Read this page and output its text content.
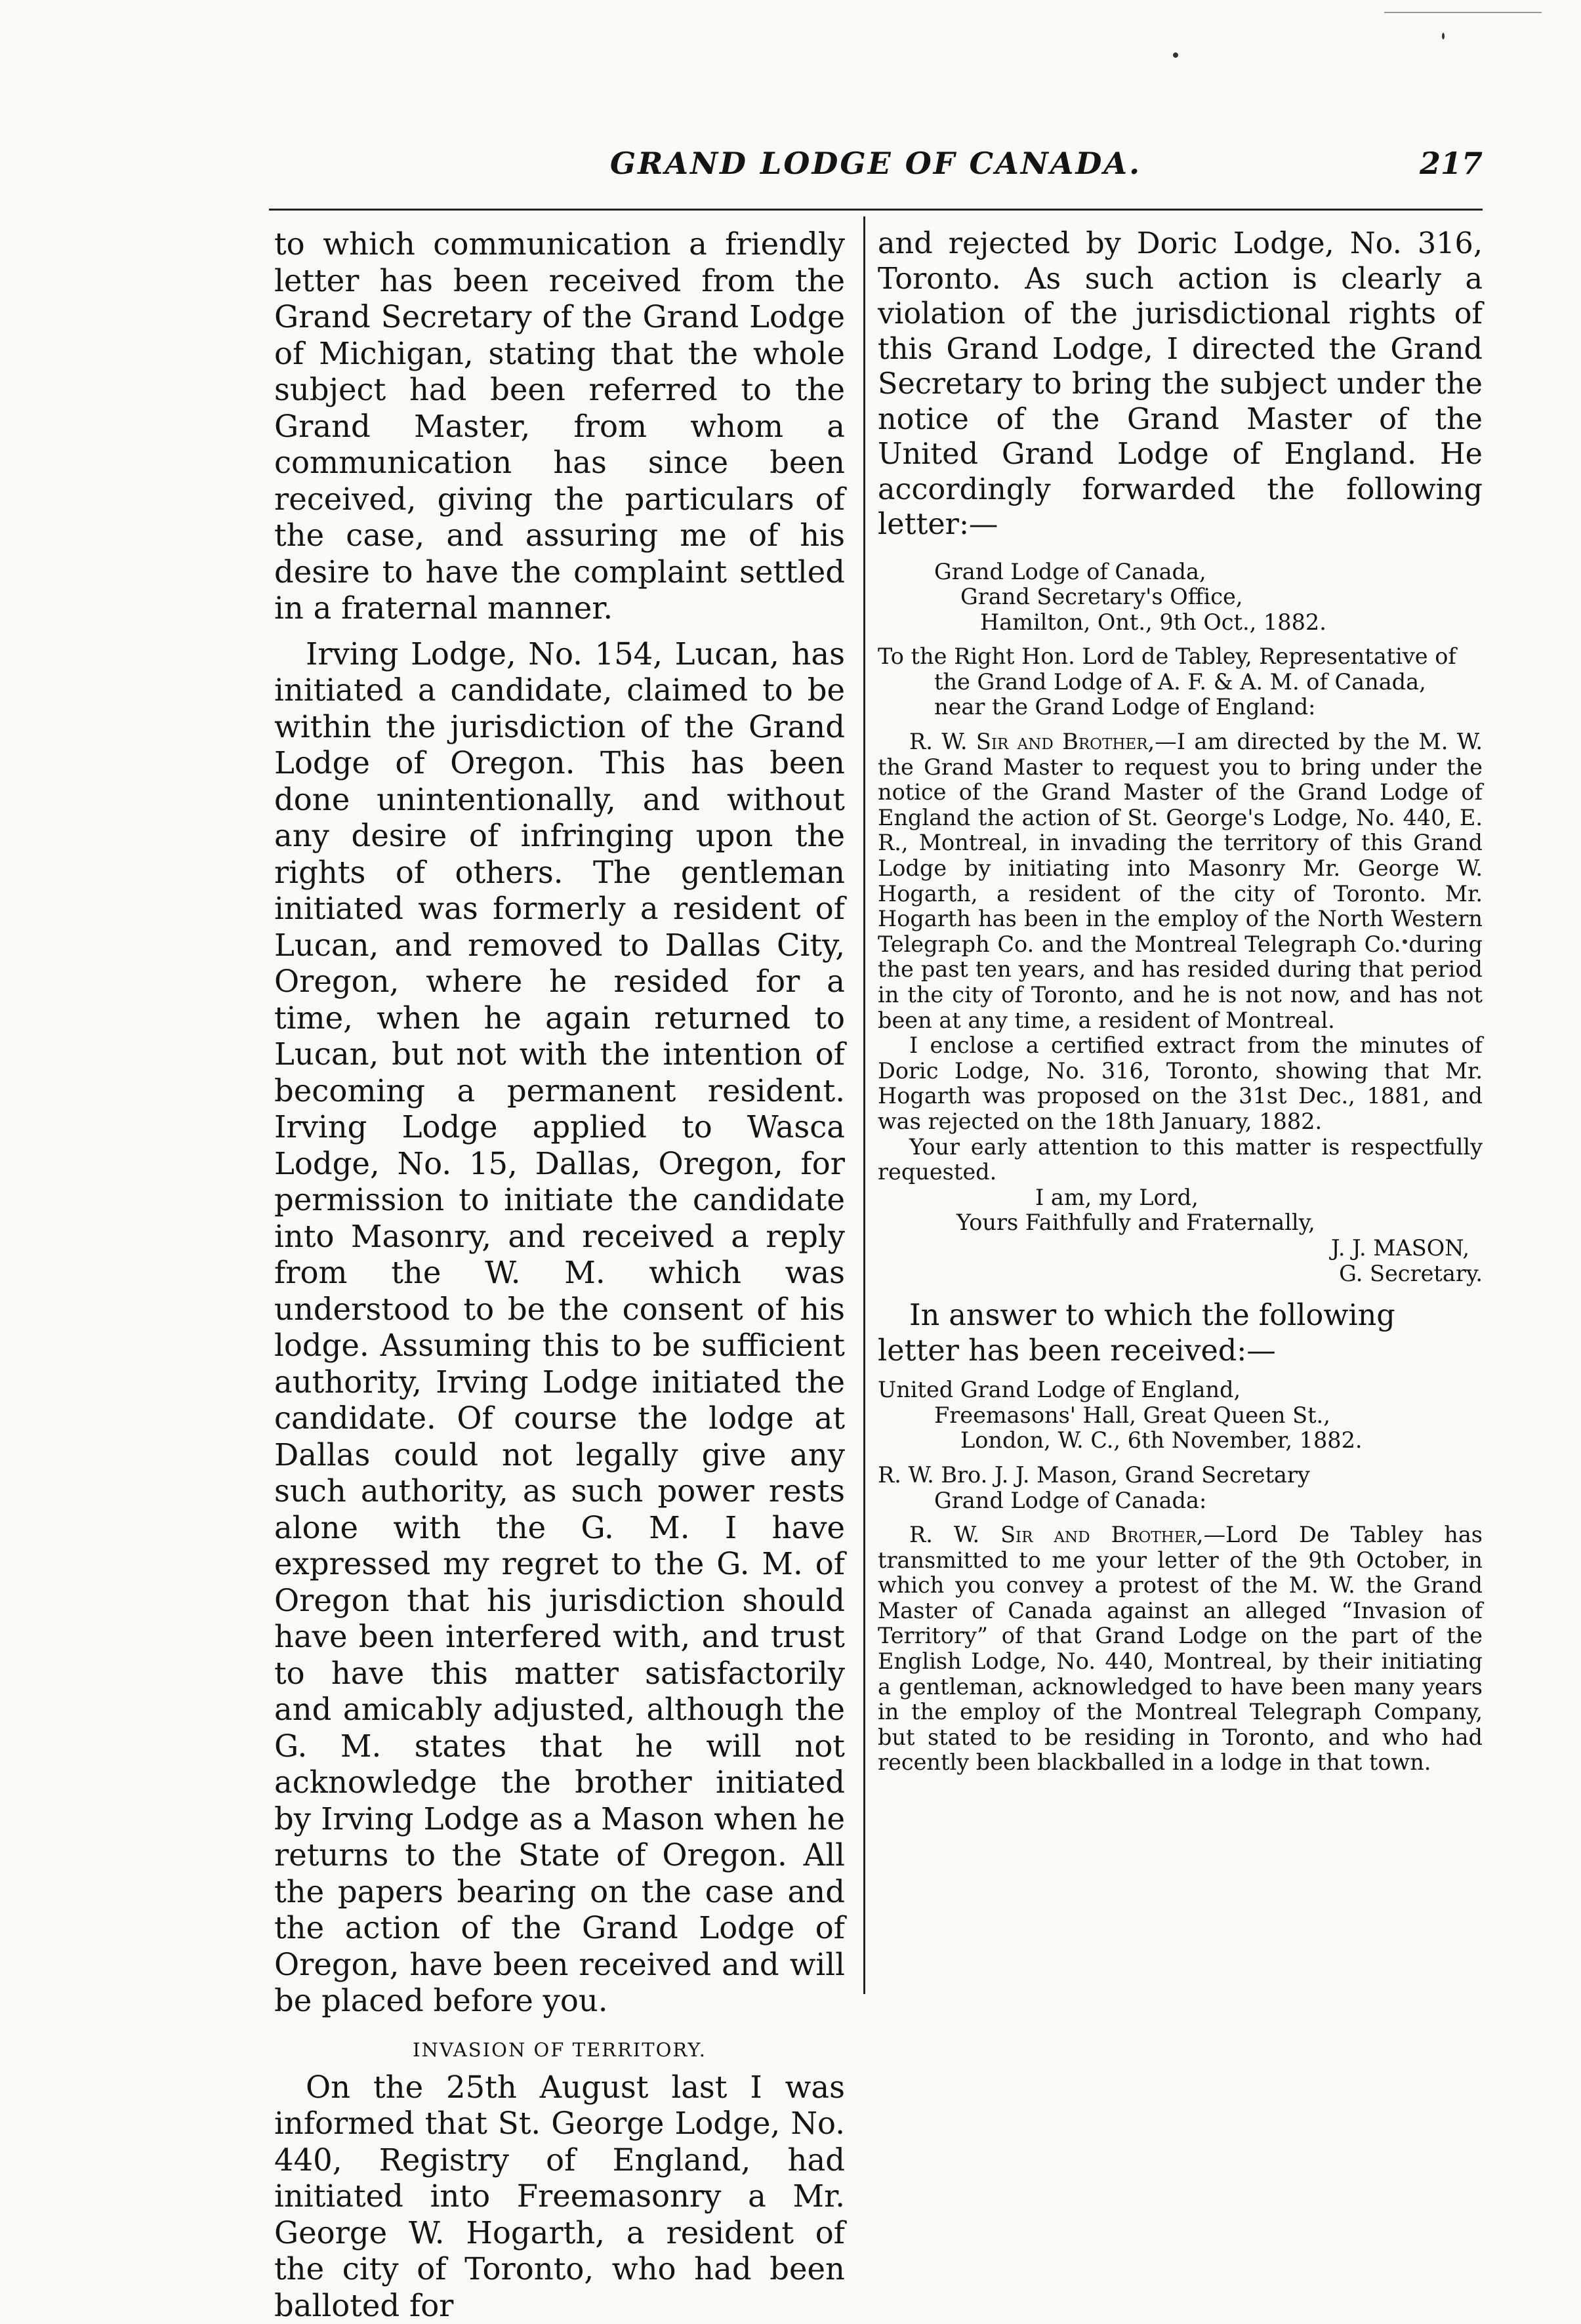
GRAND LODGE OF CANADA.	217

to which communication a friendly letter has been received from the Grand Secretary of the Grand Lodge of Michigan, stating that the whole subject had been referred to the Grand Master, from whom a communication has since been received, giving the particulars of the case, and assuring me of his desire to have the complaint settled in a fraternal manner.

Irving Lodge, No. 154, Lucan, has initiated a candidate, claimed to be within the jurisdiction of the Grand Lodge of Oregon. This has been done unintentionally, and without any desire of infringing upon the rights of others. The gentleman initiated was formerly a resident of Lucan, and removed to Dallas City, Oregon, where he resided for a time, when he again returned to Lucan, but not with the intention of becoming a permanent resident. Irving Lodge applied to Wasca Lodge, No. 15, Dallas, Oregon, for permission to initiate the candidate into Masonry, and received a reply from the W. M. which was understood to be the consent of his lodge. Assuming this to be sufficient authority, Irving Lodge initiated the candidate. Of course the lodge at Dallas could not legally give any such authority, as such power rests alone with the G. M. I have expressed my regret to the G. M. of Oregon that his jurisdiction should have been interfered with, and trust to have this matter satisfactorily and amicably adjusted, although the G. M. states that he will not acknowledge the brother initiated by Irving Lodge as a Mason when he returns to the State of Oregon. All the papers bearing on the case and the action of the Grand Lodge of Oregon, have been received and will be placed before you.

INVASION OF TERRITORY.

On the 25th August last I was informed that St. George Lodge, No. 440, Registry of England, had initiated into Freemasonry a Mr. George W. Hogarth, a resident of the city of Toronto, who had been balloted for

and rejected by Doric Lodge, No. 316, Toronto. As such action is clearly a violation of the jurisdictional rights of this Grand Lodge, I directed the Grand Secretary to bring the subject under the notice of the Grand Master of the United Grand Lodge of England. He accordingly forwarded the following letter:—

Grand Lodge of Canada,

Grand Secretary's Office,

Hamilton, Ont., 9th Oct., 1882.

To the Right Hon. Lord de Tabley, Representative of the Grand Lodge of A. F. & A. M. of Canada, near the Grand Lodge of England:

R. W. Sir and Brother,—I am directed by the M. W. the Grand Master to request you to bring under the notice of the Grand Master of the Grand Lodge of England the action of St. George's Lodge, No. 440, E. R., Montreal, in invading the territory of this Grand Lodge by initiating into Masonry Mr. George W. Hogarth, a resident of the city of Toronto. Mr. Hogarth has been in the employ of the North Western Telegraph Co. and the Montreal Telegraph Co. during the past ten years, and has resided during that period in the city of Toronto, and he is not now, and has not been at any time, a resident of Montreal.

I enclose a certified extract from the minutes of Doric Lodge, No. 316, Toronto, showing that Mr. Hogarth was proposed on the 31st Dec., 1881, and was rejected on the 18th January, 1882.

Your early attention to this matter is respectfully requested.

I am, my Lord,

Yours Faithfully and Fraternally,

J. J. MASON,

G. Secretary.

In answer to which the following letter has been received:—

United Grand Lodge of England,

Freemasons' Hall, Great Queen St.,

London, W. C., 6th November, 1882.

R. W. Bro. J. J. Mason, Grand Secretary

Grand Lodge of Canada:

R. W. Sir and Brother,—Lord De Tabley has transmitted to me your letter of the 9th October, in which you convey a protest of the M. W. the Grand Master of Canada against an alleged “Invasion of Territory” of that Grand Lodge on the part of the English Lodge, No. 440, Montreal, by their initiating a gentleman, acknowledged to have been many years in the employ of the Montreal Telegraph Company, but stated to be residing in Toronto, and who had recently been blackballed in a lodge in that town.
